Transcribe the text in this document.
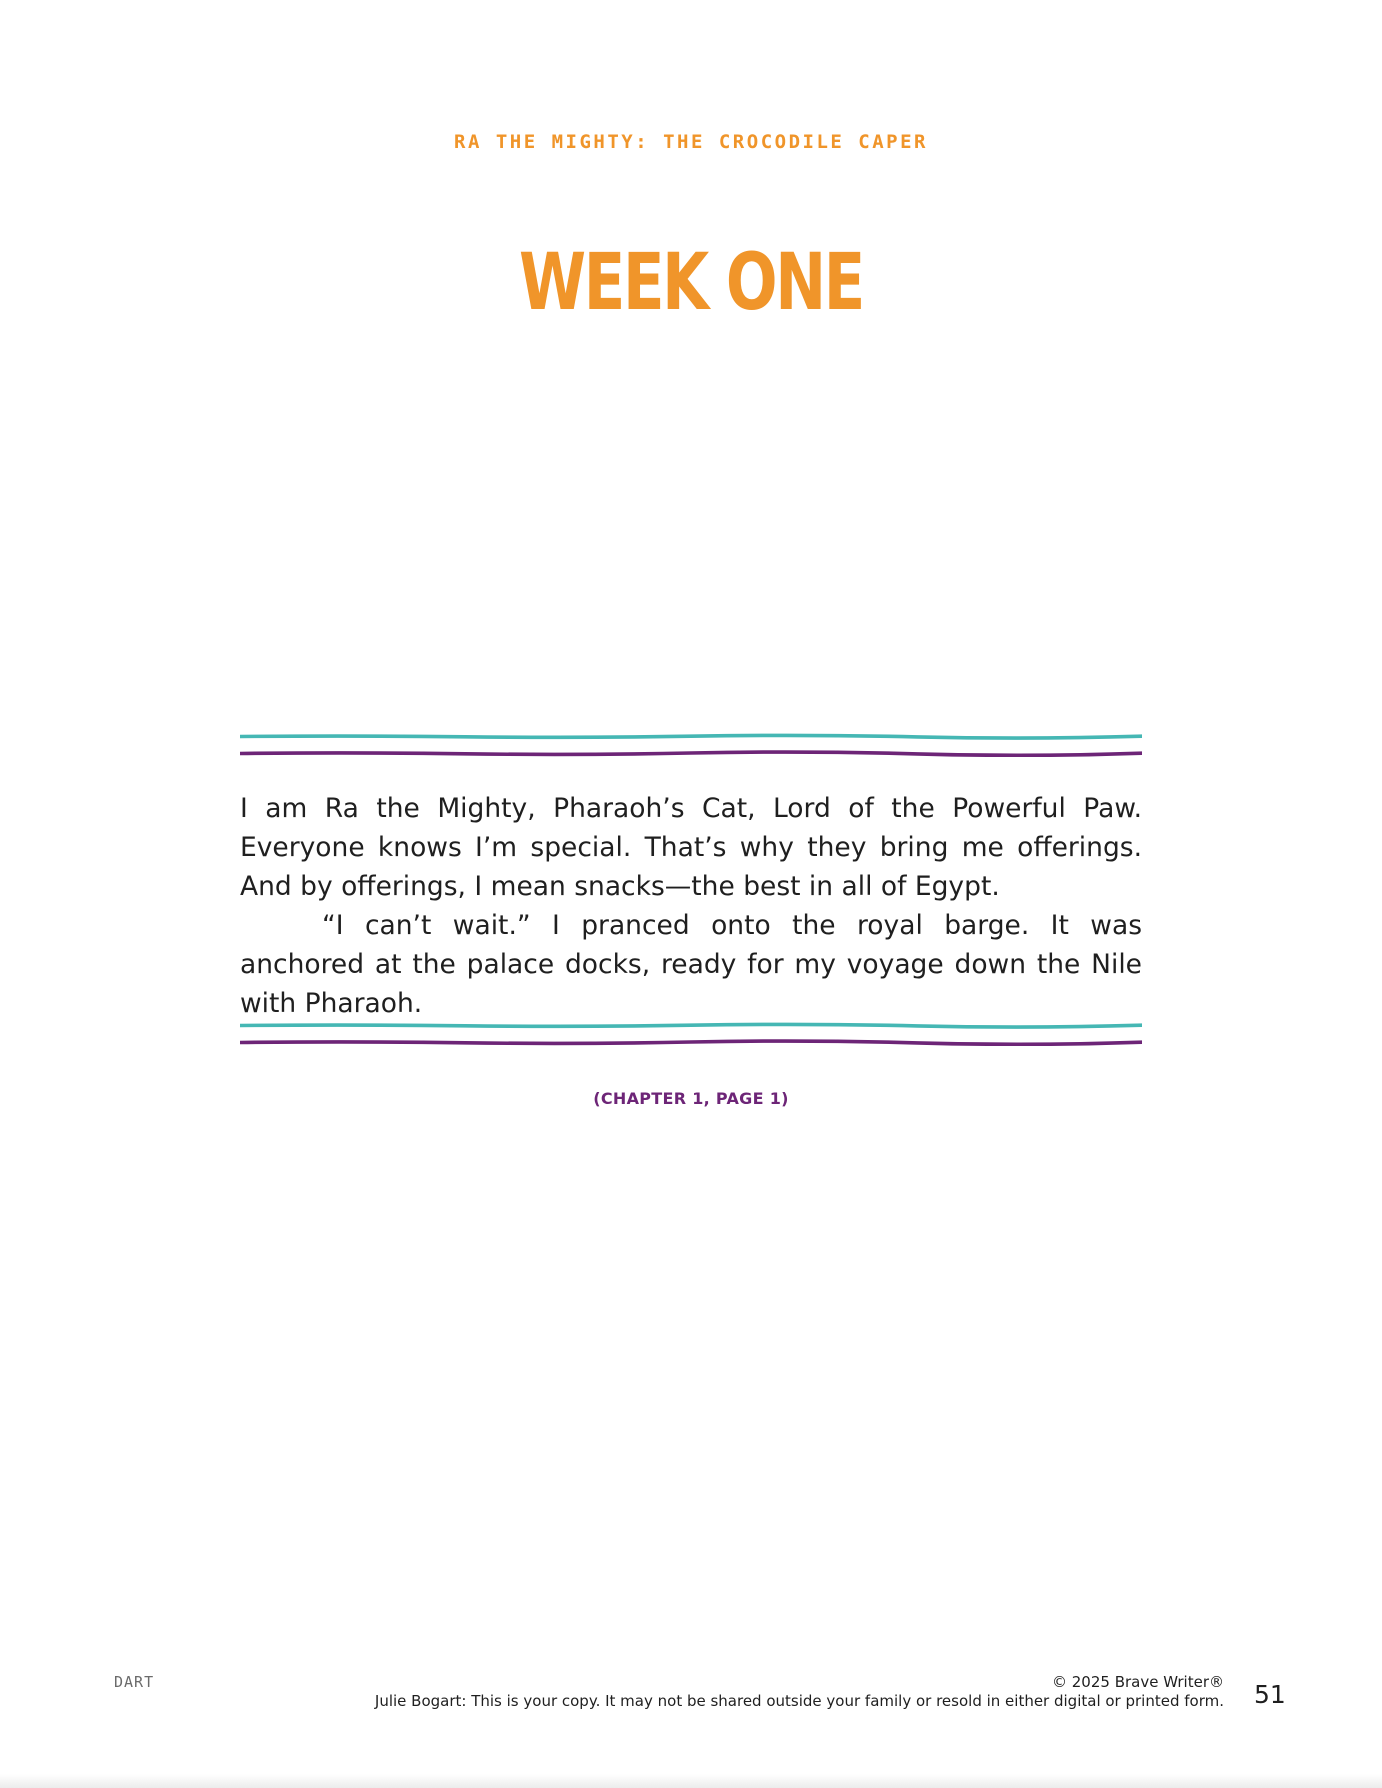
RA THE MIGHTY: THE CROCODILE CAPER
WEEK ONE

I am Ra the Mighty, Pharaoh’s Cat, Lord of the Powerful Paw. Everyone knows I’m special. That’s why they bring me offerings. And by offerings, I mean snacks—the best in all of Egypt.

“I can’t wait.” I pranced onto the royal barge. It was anchored at the palace docks, ready for my voyage down the Nile with Pharaoh.

(CHAPTER 1, PAGE 1)
DART	© 2025 Brave Writer®
Julie Bogart: This is your copy. It may not be shared outside your family or resold in either digital or printed form. 51
